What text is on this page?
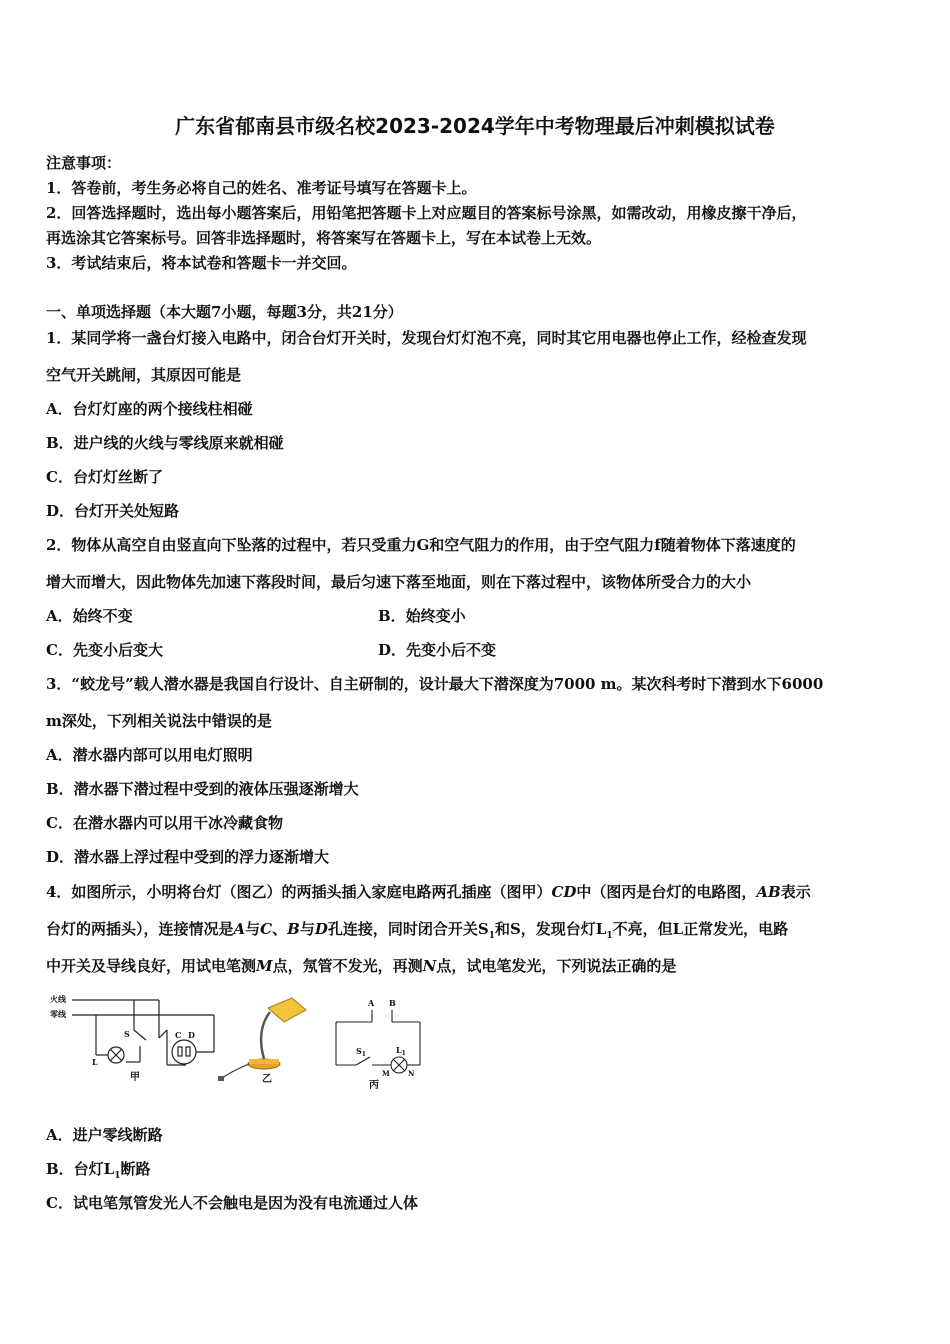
广东省郁南县市级名校2023-2024学年中考物理最后冲刺模拟试卷
注意事项：
1．答卷前，考生务必将自己的姓名、准考证号填写在答题卡上。
2．回答选择题时，选出每小题答案后，用铅笔把答题卡上对应题目的答案标号涂黑，如需改动，用橡皮擦干净后，
再选涂其它答案标号。回答非选择题时，将答案写在答题卡上，写在本试卷上无效。
3．考试结束后，将本试卷和答题卡一并交回。
一、单项选择题（本大题7小题，每题3分，共21分）
1．某同学将一盏台灯接入电路中，闭合台灯开关时，发现台灯灯泡不亮，同时其它用电器也停止工作，经检查发现
空气开关跳闸，其原因可能是
A．台灯灯座的两个接线柱相碰
B．进户线的火线与零线原来就相碰
C．台灯灯丝断了
D．台灯开关处短路
2．物体从高空自由竖直向下坠落的过程中，若只受重力G和空气阻力的作用，由于空气阻力f随着物体下落速度的
增大而增大，因此物体先加速下落段时间，最后匀速下落至地面，则在下落过程中，该物体所受合力的大小
A．始终不变	B．始终变小
C．先变小后变大	D．先变小后不变
3．“蛟龙号”载人潜水器是我国自行设计、自主研制的，设计最大下潜深度为7000 m。某次科考时下潜到水下6000
m深处，下列相关说法中错误的是
A．潜水器内部可以用电灯照明
B．潜水器下潜过程中受到的液体压强逐渐增大
C．在潜水器内可以用干冰冷藏食物
D．潜水器上浮过程中受到的浮力逐渐增大
4．如图所示，小明将台灯（图乙）的两插头插入家庭电路两孔插座（图甲）CD中（图丙是台灯的电路图，AB表示
台灯的两插头），连接情况是A与C、B与D孔连接，同时闭合开关$S_1$和S，发现台灯$L_1$不亮，但L正常发光，电路
中开关及导线良好，用试电笔测M点，氖管不发光，再测N点，试电笔发光，下列说法正确的是
火线
零线
S
L
C D
甲	乙
A B
$S_1$	$L_1$
M	N
丙
A．进户零线断路
B．台灯$L_1$断路
C．试电笔氖管发光人不会触电是因为没有电流通过人体
